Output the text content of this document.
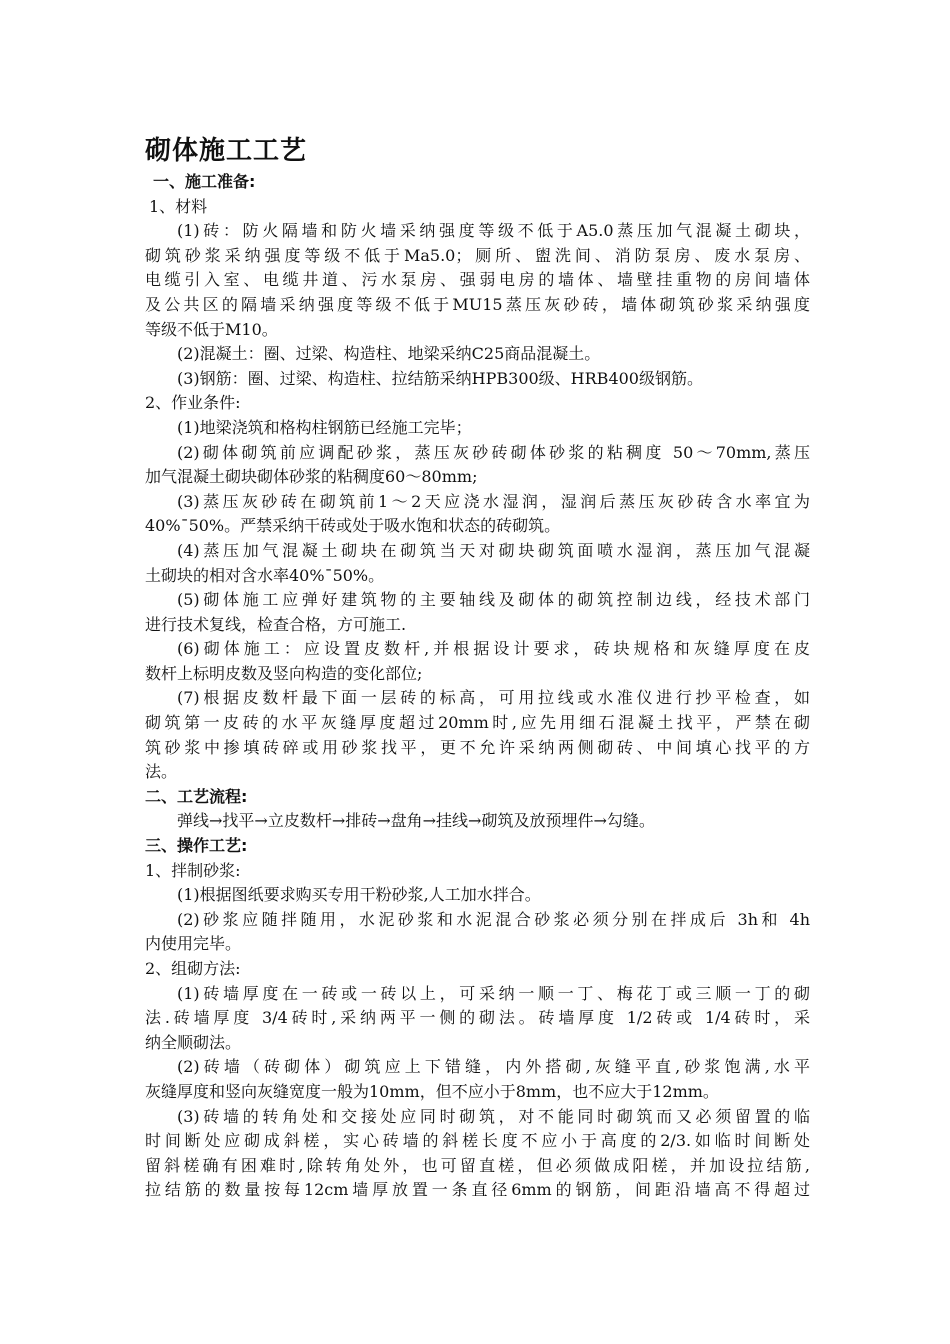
砌体施工工艺
一、施工准备:
1、材料
(1)砖：防火隔墙和防火墙采纳强度等级不低于A5.0蒸压加气混凝土砌块，
砌筑砂浆采纳强度等级不低于Ma5.0；厕所、盥洗间、消防泵房、废水泵房、
电缆引入室、电缆井道、污水泵房、强弱电房的墙体、墙壁挂重物的房间墙体
及公共区的隔墙采纳强度等级不低于MU15蒸压灰砂砖，墙体砌筑砂浆采纳强度
等级不低于M10。
(2)混凝土：圈、过梁、构造柱、地梁采纳C25商品混凝土。
(3)钢筋：圈、过梁、构造柱、拉结筋采纳HPB300级、HRB400级钢筋。
2、作业条件:
(1)地梁浇筑和格构柱钢筋已经施工完毕；
(2)砌体砌筑前应调配砂浆，蒸压灰砂砖砌体砂浆的粘稠度 50～70mm,蒸压
加气混凝土砌块砌体砂浆的粘稠度60～80mm;
(3)蒸压灰砂砖在砌筑前1～2天应浇水湿润，湿润后蒸压灰砂砖含水率宜为
40%¯50%。严禁采纳干砖或处于吸水饱和状态的砖砌筑。
(4)蒸压加气混凝土砌块在砌筑当天对砌块砌筑面喷水湿润，蒸压加气混凝
土砌块的相对含水率40%¯50%。
(5)砌体施工应弹好建筑物的主要轴线及砌体的砌筑控制边线，经技术部门
进行技术复线，检查合格，方可施工.
(6)砌体施工：应设置皮数杆,并根据设计要求，砖块规格和灰缝厚度在皮
数杆上标明皮数及竖向构造的变化部位;
(7)根据皮数杆最下面一层砖的标高，可用拉线或水准仪进行抄平检查，如
砌筑第一皮砖的水平灰缝厚度超过20mm时,应先用细石混凝土找平，严禁在砌
筑砂浆中掺填砖碎或用砂浆找平，更不允许采纳两侧砌砖、中间填心找平的方
法。
二、工艺流程:
弹线→找平→立皮数杆→排砖→盘角→挂线→砌筑及放预埋件→勾缝。
三、操作工艺:
1、拌制砂浆:
(1)根据图纸要求购买专用干粉砂浆,人工加水拌合。
(2)砂浆应随拌随用，水泥砂浆和水泥混合砂浆必须分别在拌成后 3h和 4h
内使用完毕。
2、组砌方法:
(1)砖墙厚度在一砖或一砖以上，可采纳一顺一丁、梅花丁或三顺一丁的砌
法.砖墙厚度 3/4砖时,采纳两平一侧的砌法。砖墙厚度 1/2砖或 1/4砖时，采
纳全顺砌法。
(2)砖墙（砖砌体）砌筑应上下错缝，内外搭砌,灰缝平直,砂浆饱满,水平
灰缝厚度和竖向灰缝宽度一般为10mm，但不应小于8mm，也不应大于12mm。
(3)砖墙的转角处和交接处应同时砌筑，对不能同时砌筑而又必须留置的临
时间断处应砌成斜槎，实心砖墙的斜槎长度不应小于高度的2/3.如临时间断处
留斜槎确有困难时,除转角处外，也可留直槎，但必须做成阳槎，并加设拉结筋,
拉结筋的数量按每12cm墙厚放置一条直径6mm的钢筋，间距沿墙高不得超过
